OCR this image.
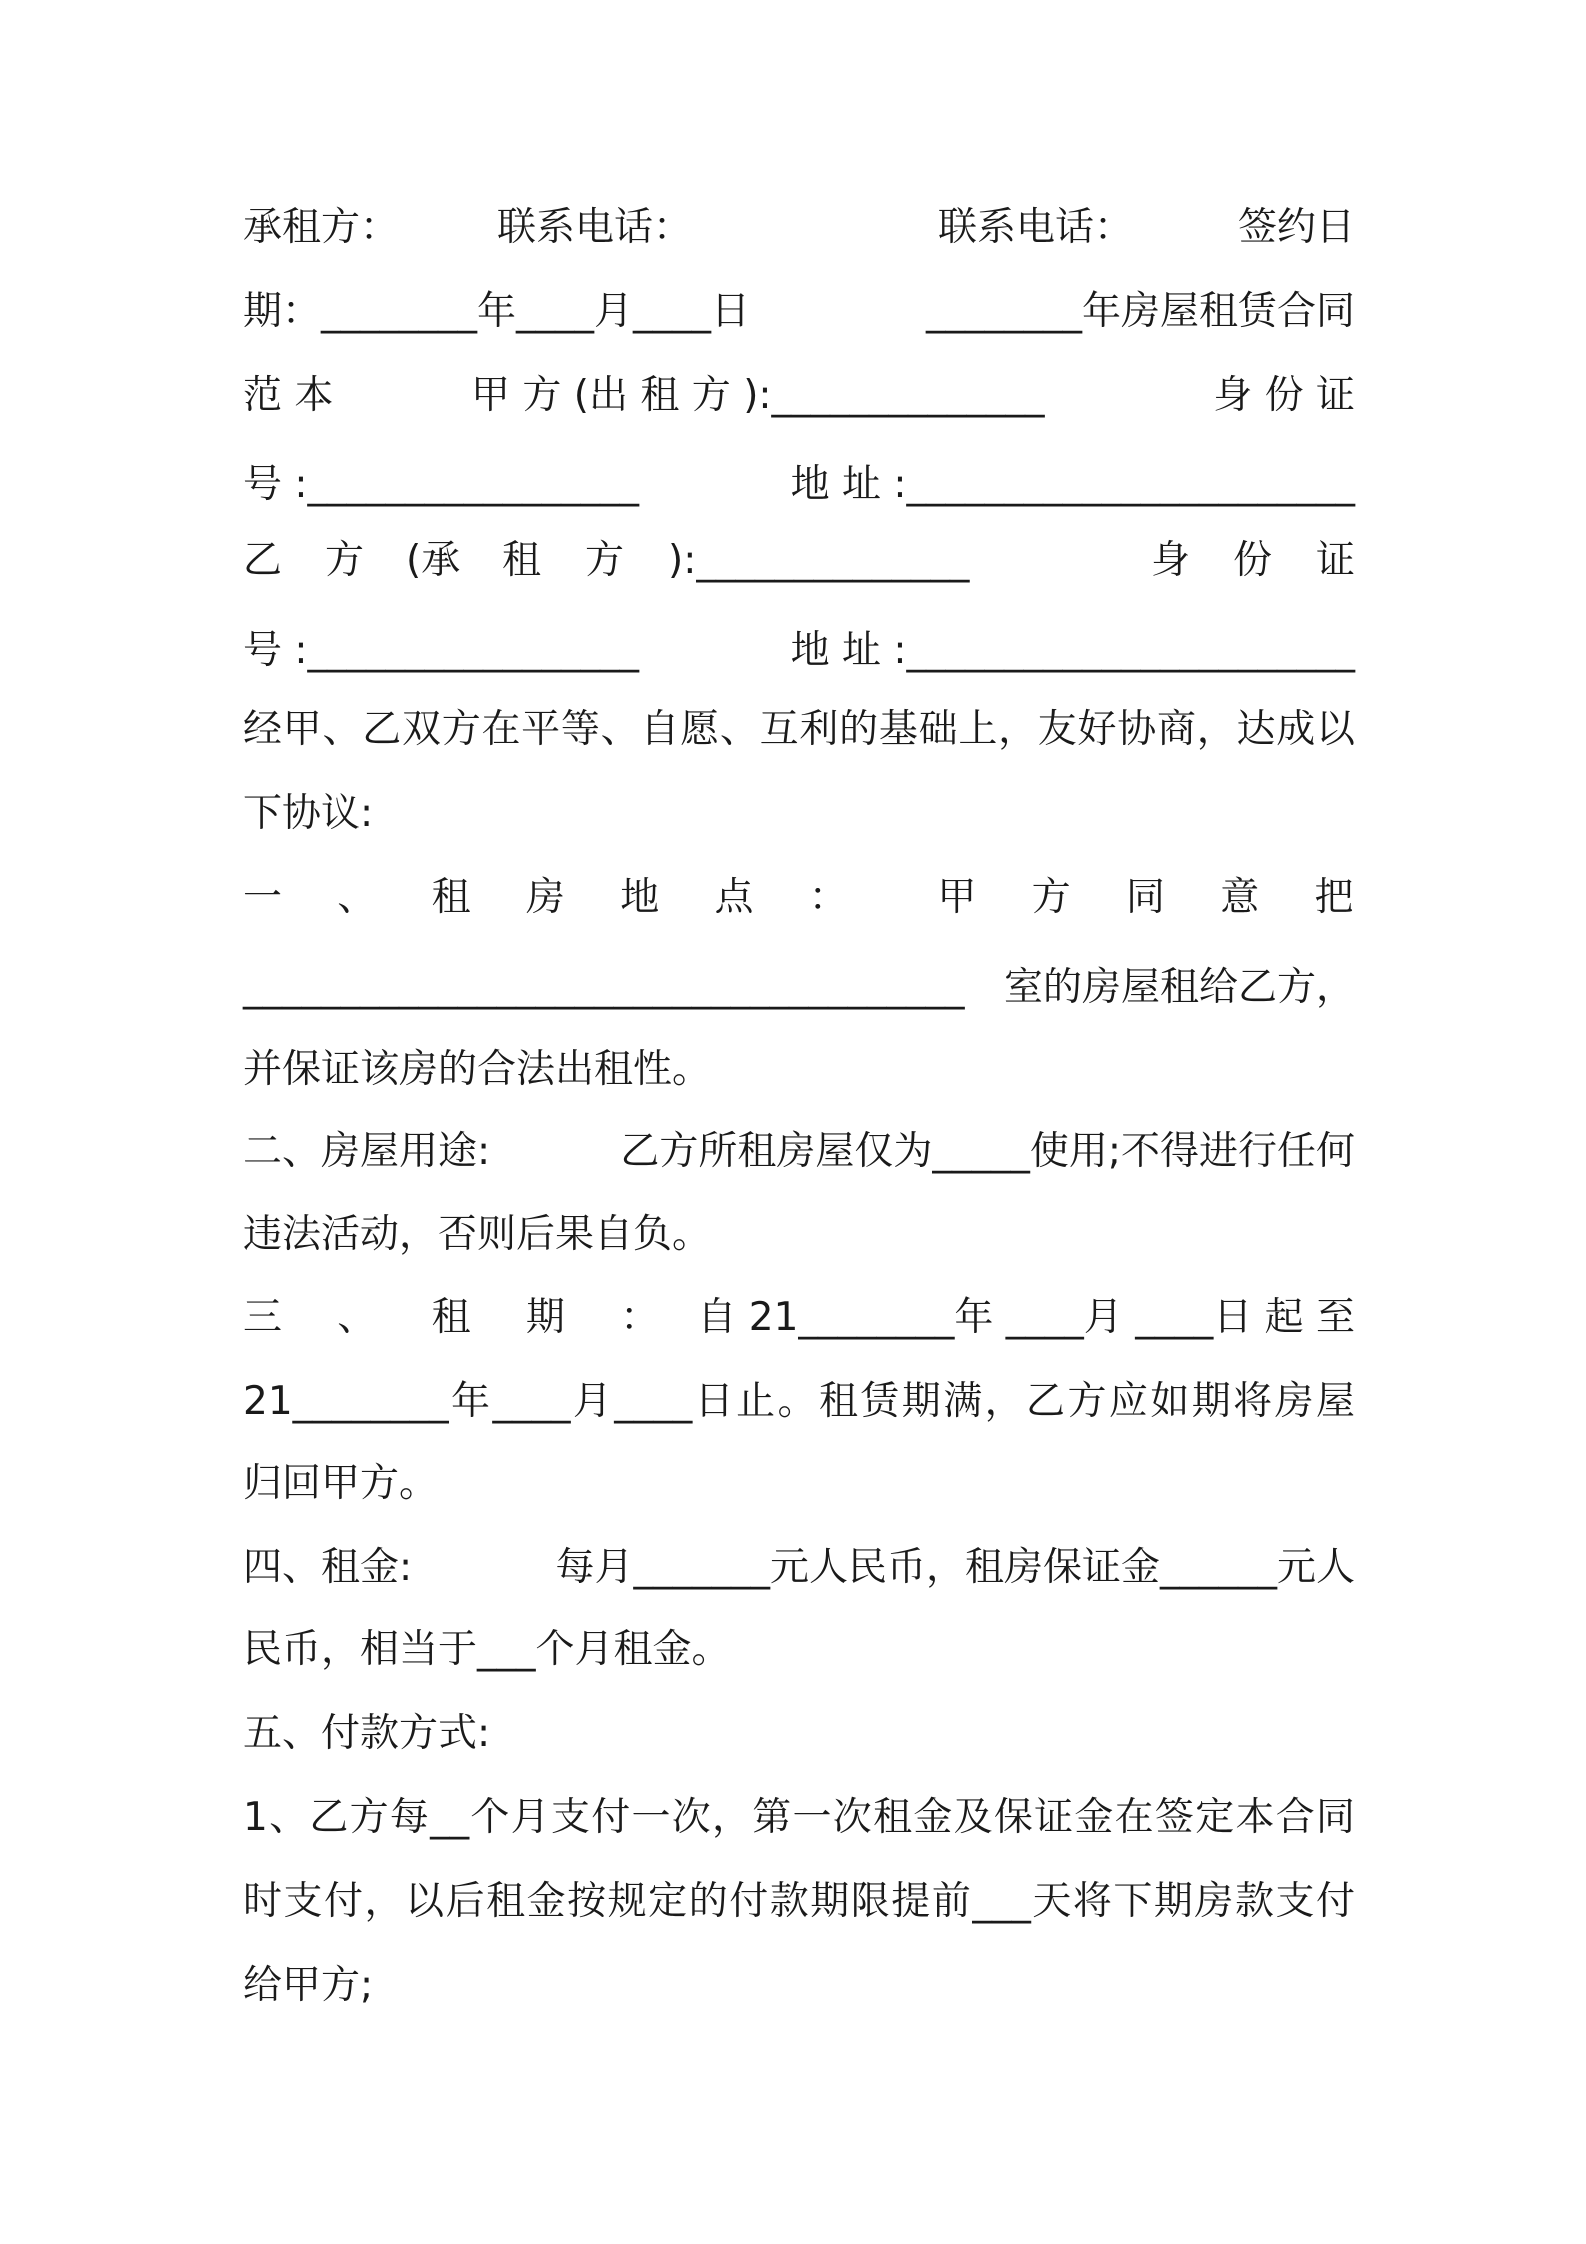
承租方：

	联系电话：

	联系电话：

	签约日

期：________年____月____日

	________年房屋租赁合同

范 本

	甲 方 (出 租 方 ):______________

	身 份 证

号 :_________________

	地 址 :_______________________

乙

方

(承

租

方

):______________

	身

份

证

号 :_________________

	地 址 :_______________________

经甲、乙双方在平等、自愿、互利的基础上，友好协商，达成以
下协议:

一 、 租 房 地 点 ：

甲 方 同 意 把

_____________________________________

室的房屋租给乙方，

并保证该房的合法出租性。

二、房屋用途:

	乙方所租房屋仅为_____使用;不得进行任何

违法活动，否则后果自负。

三 、 租 期 ：

自 21________年 ____月 ____日 起 至

21________年____月____日止。租赁期满，乙方应如期将房屋
归回甲方。

四、租金:

	每月_______元人民币，租房保证金______元人

民币，相当于___个月租金。
五、付款方式:
1、乙方每__个月支付一次，第一次租金及保证金在签定本合同
时支付，以后租金按规定的付款期限提前___天将下期房款支付
给甲方;
